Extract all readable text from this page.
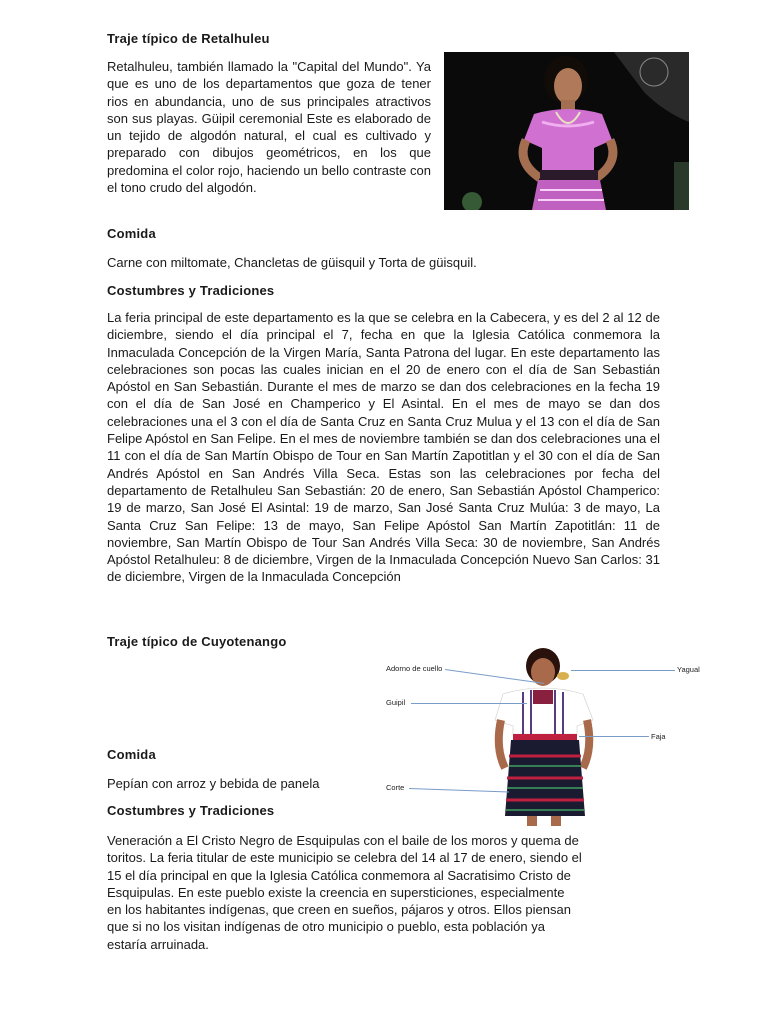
Traje típico de Retalhuleu

Retalhuleu, también llamado la "Capital del Mundo". Ya que es uno de los departamentos que goza de tener rios en abundancia, uno de sus principales atractivos son sus playas. Güipil ceremonial Este es elaborado de un tejido de algodón natural, el cual es cultivado y preparado con dibujos geométricos, en los que predomina el color rojo, haciendo un bello contraste con el tono crudo del algodón.

Comida

Carne con miltomate, Chancletas de güisquil y Torta de güisquil.

Costumbres y Tradiciones

La feria principal de este departamento es la que se celebra en la Cabecera, y es del 2 al 12 de diciembre, siendo el día principal el 7, fecha en que la Iglesia Católica conmemora la Inmaculada Concepción de la Virgen María, Santa Patrona del lugar. En este departamento las celebraciones son pocas las cuales inician en el 20 de enero con el día de San Sebastián Apóstol en San Sebastián. Durante el mes de marzo se dan dos celebraciones en la fecha 19 con el día de San José en Champerico y El Asintal. En el mes de mayo se dan dos celebraciones una el 3 con el día de Santa Cruz en Santa Cruz Mulua y el 13 con el día de San Felipe Apóstol en San Felipe. En el mes de noviembre también se dan dos celebraciones una el 11 con el día de San Martín Obispo de Tour en San Martín Zapotitlan y el 30 con el día de San Andrés Apóstol en San Andrés Villa Seca. Estas son las celebraciones por fecha del departamento de Retalhuleu San Sebastián: 20 de enero, San Sebastián Apóstol Champerico: 19 de marzo, San José El Asintal: 19 de marzo, San José Santa Cruz Mulúa: 3 de mayo, La Santa Cruz San Felipe: 13 de mayo, San Felipe Apóstol San Martín Zapotitlán: 11 de noviembre, San Martín Obispo de Tour San Andrés Villa Seca: 30 de noviembre, San Andrés Apóstol Retalhuleu: 8 de diciembre, Virgen de la Inmaculada Concepción Nuevo San Carlos: 31 de diciembre, Virgen de la Inmaculada Concepción

Traje típico de Cuyotenango
Adorno de cuello
Guipil
Corte
Yagual
Faja
Comida

Pepían con arroz y bebida de panela

Costumbres y Tradiciones

Veneración a El Cristo Negro de Esquipulas con el baile de los moros y quema de

toritos. La feria titular de este municipio se celebra del 14 al 17 de enero, siendo el

15 el día principal en que la Iglesia Católica conmemora al Sacratisimo Cristo de

Esquipulas. En este pueblo existe la creencia en supersticiones, especialmente

en los habitantes indígenas, que creen en sueños, pájaros y otros. Ellos piensan

que si no los visitan indígenas de otro municipio o pueblo, esta población ya

estaría arruinada.
